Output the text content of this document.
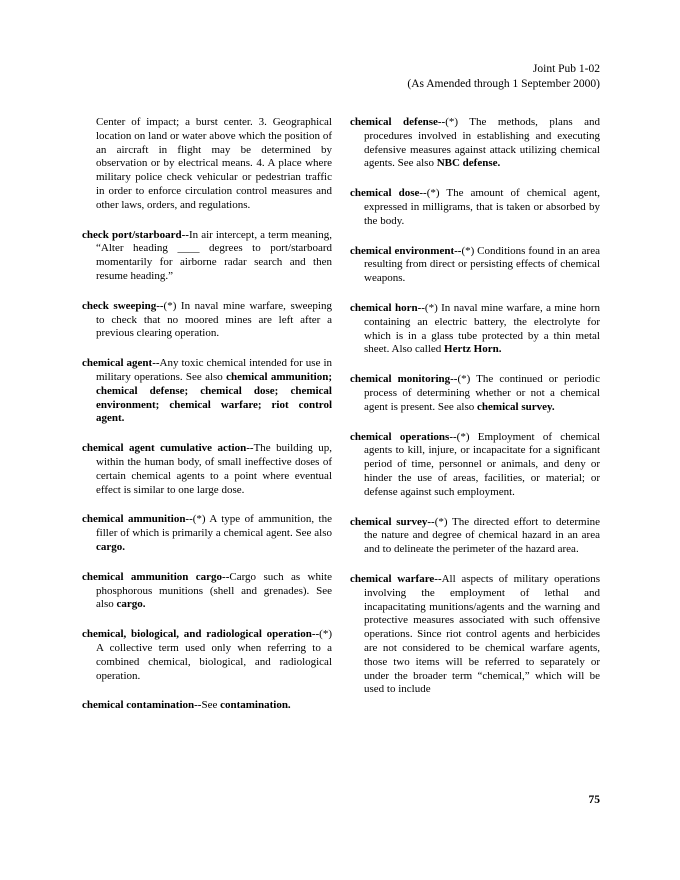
Joint Pub 1-02
(As Amended through 1 September 2000)

Center of impact; a burst center. 3. Geographical location on land or water above which the position of an aircraft in flight may be determined by observation or by electrical means. 4. A place where military police check vehicular or pedestrian traffic in order to enforce circulation control measures and other laws, orders, and regulations.

check port/starboard--In air intercept, a term meaning, “Alter heading ____ degrees to port/starboard momentarily for airborne radar search and then resume heading.”

check sweeping--(*) In naval mine warfare, sweeping to check that no moored mines are left after a previous clearing operation.

chemical agent--Any toxic chemical intended for use in military operations. See also chemical ammunition; chemical defense; chemical dose; chemical environment; chemical warfare; riot control agent.

chemical agent cumulative action--The building up, within the human body, of small ineffective doses of certain chemical agents to a point where eventual effect is similar to one large dose.

chemical ammunition--(*) A type of ammunition, the filler of which is primarily a chemical agent. See also cargo.

chemical ammunition cargo--Cargo such as white phosphorous munitions (shell and grenades). See also cargo.

chemical, biological, and radiological operation--(*) A collective term used only when referring to a combined chemical, biological, and radiological operation.

chemical contamination--See contamination.

chemical defense--(*) The methods, plans and procedures involved in establishing and executing defensive measures against attack utilizing chemical agents. See also NBC defense.

chemical dose--(*) The amount of chemical agent, expressed in milligrams, that is taken or absorbed by the body.

chemical environment--(*) Conditions found in an area resulting from direct or persisting effects of chemical weapons.

chemical horn--(*) In naval mine warfare, a mine horn containing an electric battery, the electrolyte for which is in a glass tube protected by a thin metal sheet. Also called Hertz Horn.

chemical monitoring--(*) The continued or periodic process of determining whether or not a chemical agent is present. See also chemical survey.

chemical operations--(*) Employment of chemical agents to kill, injure, or incapacitate for a significant period of time, personnel or animals, and deny or hinder the use of areas, facilities, or material; or defense against such employment.

chemical survey--(*) The directed effort to determine the nature and degree of chemical hazard in an area and to delineate the perimeter of the hazard area.

chemical warfare--All aspects of military operations involving the employment of lethal and incapacitating munitions/agents and the warning and protective measures associated with such offensive operations. Since riot control agents and herbicides are not considered to be chemical warfare agents, those two items will be referred to separately or under the broader term “chemical,” which will be used to include

75
